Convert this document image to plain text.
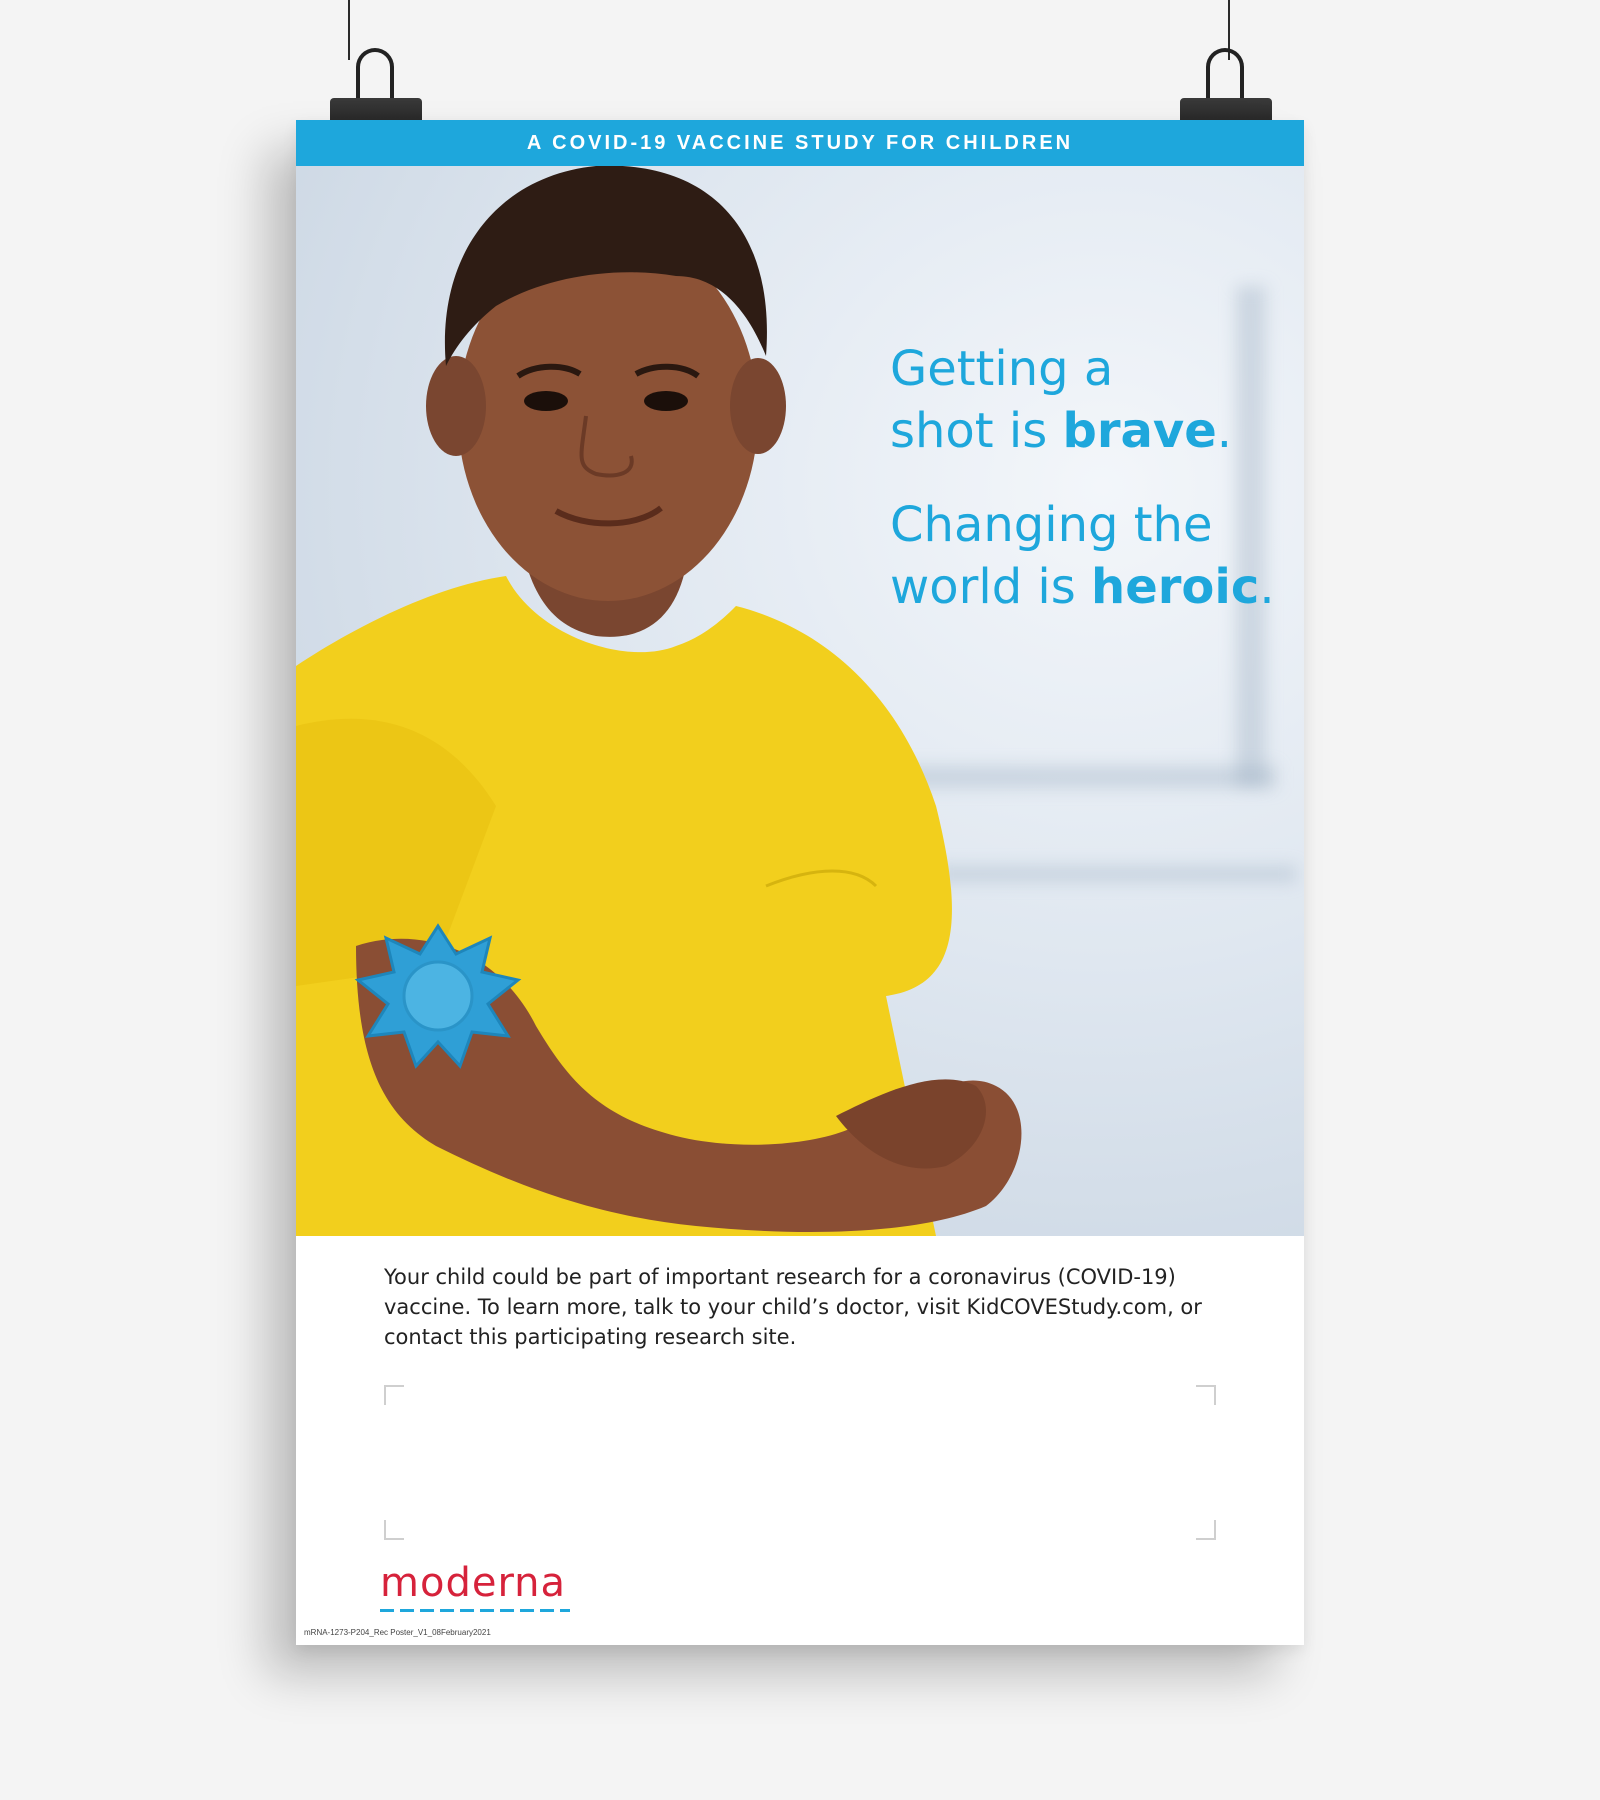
A COVID-19 VACCINE STUDY FOR CHILDREN

Getting a
shot is brave.

Changing the
world is heroic.

Your child could be part of important research for a coronavirus (COVID-19) vaccine. To learn more, talk to your child’s doctor, visit KidCOVEStudy.com, or contact this participating research site.
moderna
mRNA-1273-P204_Rec Poster_V1_08February2021
